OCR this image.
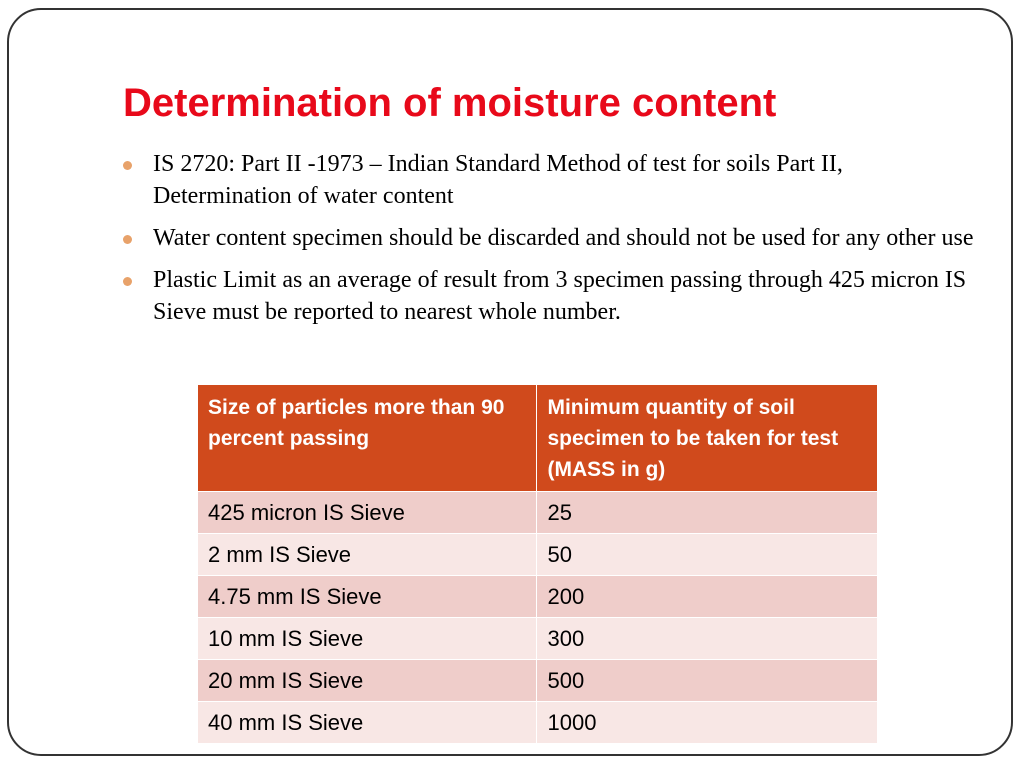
Determination of moisture content
IS 2720: Part II -1973 – Indian Standard Method of test for soils Part II, Determination of water content
Water content specimen should be discarded and should not be used for any other use
Plastic Limit as an average of result from 3 specimen passing through 425 micron IS Sieve must be reported to nearest whole number.
Size of particles more than 90 percent passing	Minimum quantity of soil specimen to be taken for test (MASS in g)
425 micron IS Sieve	25
2 mm IS Sieve	50
4.75 mm IS Sieve	200
10 mm IS Sieve	300
20 mm IS Sieve	500
40 mm IS Sieve	1000
